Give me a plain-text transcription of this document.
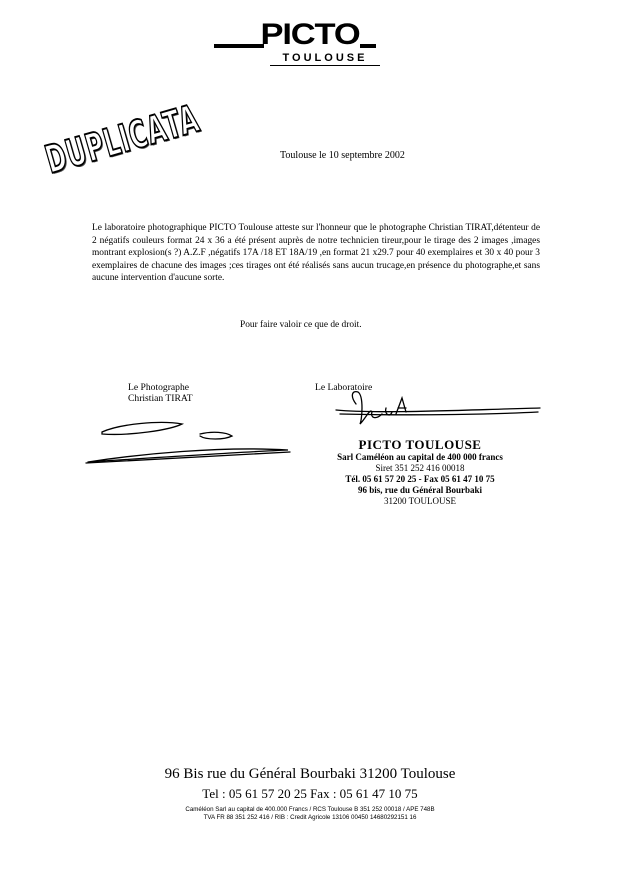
PICTO
TOULOUSE
DUPLICATA	Toulouse le 10 septembre 2002
Le laboratoire photographique PICTO Toulouse atteste sur l'honneur que le photographe Christian TIRAT,détenteur de 2 négatifs couleurs format 24 x 36 a été présent auprès de notre technicien tireur,pour le tirage des 2 images ,images montrant explosion(s ?) A.Z.F ,négatifs 17A /18 ET 18A/19 ,en format 21 x29.7 pour 40 exemplaires et 30 x 40 pour 3 exemplaires de chacune des images ;ces tirages ont été réalisés sans aucun trucage,en présence du photographe,et sans aucune intervention d'aucune sorte.
Pour faire valoir ce que de droit.
Le Photographe
Christian TIRAT
Le Laboratoire
PICTO TOULOUSE
Sarl Caméléon au capital de 400 000 francs
Siret 351 252 416 00018
Tél. 05 61 57 20 25 - Fax 05 61 47 10 75
96 bis, rue du Général Bourbaki
31200 TOULOUSE
96 Bis rue du Général Bourbaki 31200 Toulouse
Tel : 05 61 57 20 25 Fax : 05 61 47 10 75
Caméléon Sarl au capital de 400.000 Francs / RCS Toulouse B 351 252 00018 / APE 748B
TVA FR 88 351 252 416 / RIB : Credit Agricole 13106 00450 14680292151 16
